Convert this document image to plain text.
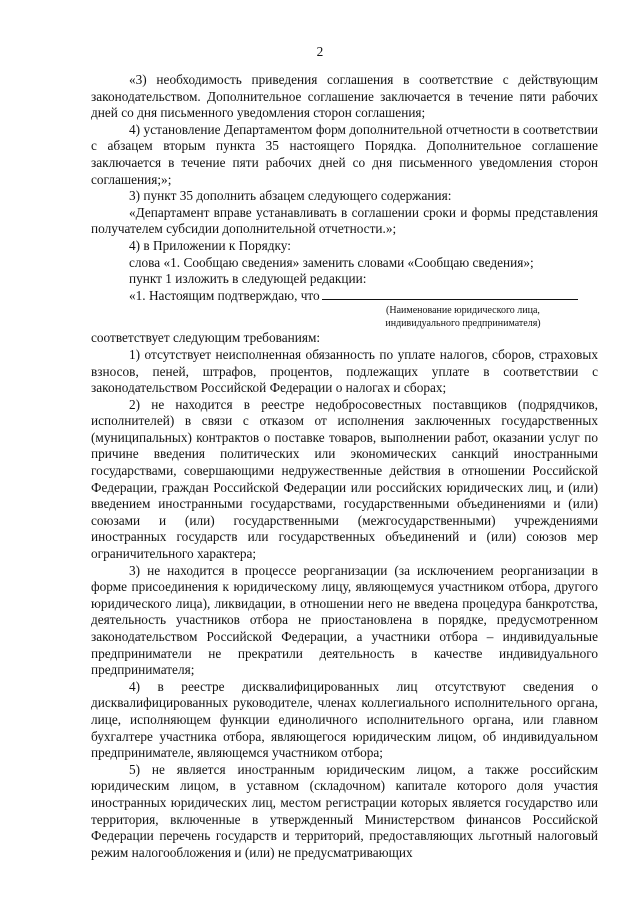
2

«3) необходимость приведения соглашения в соответствие с действующим законодательством. Дополнительное соглашение заключается в течение пяти рабочих дней со дня письменного уведомления сторон соглашения;

4) установление Департаментом форм дополнительной отчетности в соответствии с абзацем вторым пункта 35 настоящего Порядка. Дополнительное соглашение заключается в течение пяти рабочих дней со дня письменного уведомления сторон соглашения;»;

3) пункт 35 дополнить абзацем следующего содержания:

«Департамент вправе устанавливать в соглашении сроки и формы представления получателем субсидии дополнительной отчетности.»;

4) в Приложении к Порядку:

слова «1. Сообщаю сведения» заменить словами «Сообщаю сведения»;

пункт 1 изложить в следующей редакции:

«1. Настоящим подтверждаю, что

(Наименование юридического лица,
индивидуального предпринимателя)

соответствует следующим требованиям:

1) отсутствует неисполненная обязанность по уплате налогов, сборов, страховых взносов, пеней, штрафов, процентов, подлежащих уплате в соответствии с законодательством Российской Федерации о налогах и сборах;

2) не находится в реестре недобросовестных поставщиков (подрядчиков, исполнителей) в связи с отказом от исполнения заключенных государственных (муниципальных) контрактов о поставке товаров, выполнении работ, оказании услуг по причине введения политических или экономических санкций иностранными государствами, совершающими недружественные действия в отношении Российской Федерации, граждан Российской Федерации или российских юридических лиц, и (или) введением иностранными государствами, государственными объединениями и (или) союзами и (или) государственными (межгосударственными) учреждениями иностранных государств или государственных объединений и (или) союзов мер ограничительного характера;

3) не находится в процессе реорганизации (за исключением реорганизации в форме присоединения к юридическому лицу, являющемуся участником отбора, другого юридического лица), ликвидации, в отношении него не введена процедура банкротства, деятельность участников отбора не приостановлена в порядке, предусмотренном законодательством Российской Федерации, а участники отбора – индивидуальные предприниматели не прекратили деятельность в качестве индивидуального предпринимателя;

4) в реестре дисквалифицированных лиц отсутствуют сведения о дисквалифицированных руководителе, членах коллегиального исполнительного органа, лице, исполняющем функции единоличного исполнительного органа, или главном бухгалтере участника отбора, являющегося юридическим лицом, об индивидуальном предпринимателе, являющемся участником отбора;

5) не является иностранным юридическим лицом, а также российским юридическим лицом, в уставном (складочном) капитале которого доля участия иностранных юридических лиц, местом регистрации которых является государство или территория, включенные в утвержденный Министерством финансов Российской Федерации перечень государств и территорий, предоставляющих льготный налоговый режим налогообложения и (или) не предусматривающих
